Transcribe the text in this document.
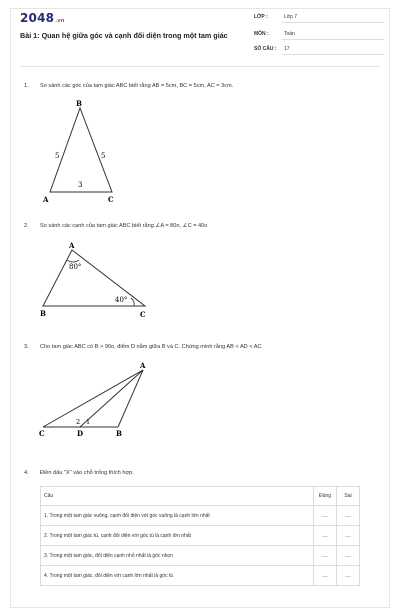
2048.vn
Bài 1: Quan hệ giữa góc và cạnh đối diện trong một tam giác
LỚP :	Lớp 7
MÔN :	Toán
SỐ CÂU : 17
1. So sánh các góc của tam giác ABC biết rằng AB = 5cm, BC = 5cm, AC = 3cm.
B
A	C
5	5
3
2. So sánh các cạnh của tam giác ABC biết rằng ∠A = 80o, ∠C = 40o
A
B	C
80°
40°
3. Cho tam giác ABC có B > 90o, điểm D nằm giữa B và C. Chứng minh rằng AB < AD < AC
A
C	D	B
2 1
4. Điền dấu "X" vào chỗ trống thích hợp.
Câu	Đúng	Sai
1. Trong một tam giác vuông, cạnh đối diện với góc vuông là cạnh lớn nhất	....	....
2. Trong một tam giác tù, cạnh đối diện với góc tù là cạnh lớn nhất	....	....
3. Trong một tam giác, đối diện cạnh nhỏ nhất là góc nhọn	....	....
4. Trong một tam giác, đối diện với cạnh lớn nhất là góc tù	....	....
